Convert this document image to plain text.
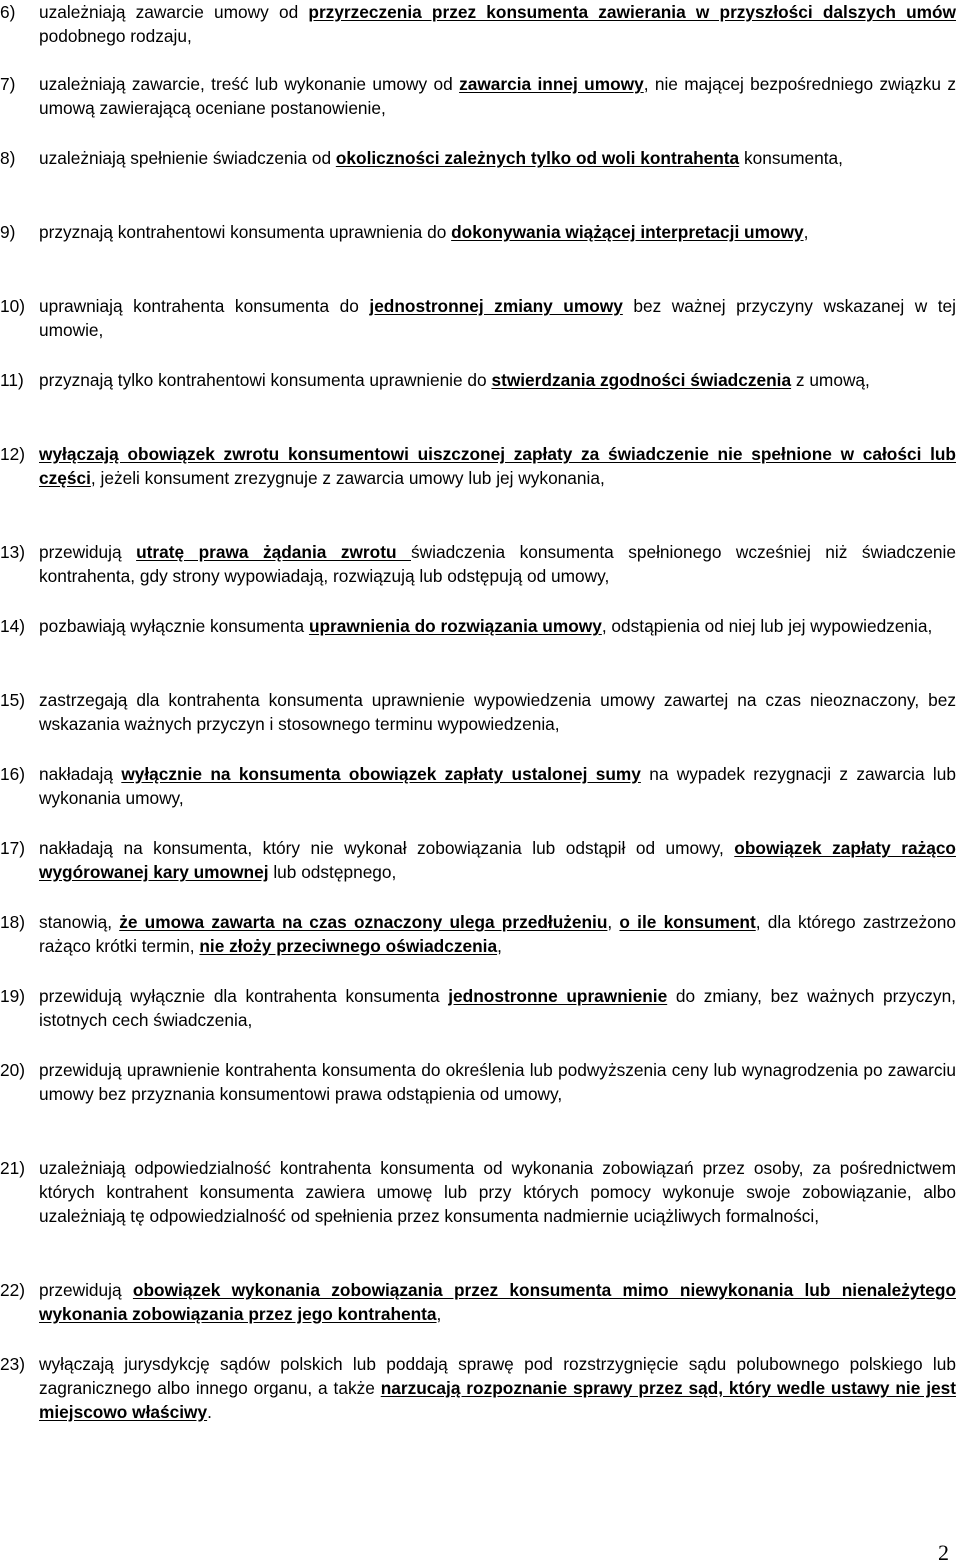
6) uzależniają zawarcie umowy od przyrzeczenia przez konsumenta zawierania w przyszłości dalszych umów podobnego rodzaju,
7) uzależniają zawarcie, treść lub wykonanie umowy od zawarcia innej umowy, nie mającej bezpośredniego związku z umową zawierającą oceniane postanowienie,
8) uzależniają spełnienie świadczenia od okoliczności zależnych tylko od woli kontrahenta konsumenta,
9) przyznają kontrahentowi konsumenta uprawnienia do dokonywania wiążącej interpretacji umowy,
10) uprawniają kontrahenta konsumenta do jednostronnej zmiany umowy bez ważnej przyczyny wskazanej w tej umowie,
11) przyznają tylko kontrahentowi konsumenta uprawnienie do stwierdzania zgodności świadczenia z umową,
12) wyłączają obowiązek zwrotu konsumentowi uiszczonej zapłaty za świadczenie nie spełnione w całości lub części, jeżeli konsument zrezygnuje z zawarcia umowy lub jej wykonania,
13) przewidują utratę prawa żądania zwrotu świadczenia konsumenta spełnionego wcześniej niż świadczenie kontrahenta, gdy strony wypowiadają, rozwiązują lub odstępują od umowy,
14) pozbawiają wyłącznie konsumenta uprawnienia do rozwiązania umowy, odstąpienia od niej lub jej wypowiedzenia,
15) zastrzegają dla kontrahenta konsumenta uprawnienie wypowiedzenia umowy zawartej na czas nieoznaczony, bez wskazania ważnych przyczyn i stosownego terminu wypowiedzenia,
16) nakładają wyłącznie na konsumenta obowiązek zapłaty ustalonej sumy na wypadek rezygnacji z zawarcia lub wykonania umowy,
17) nakładają na konsumenta, który nie wykonał zobowiązania lub odstąpił od umowy, obowiązek zapłaty rażąco wygórowanej kary umownej lub odstępnego,
18) stanowią, że umowa zawarta na czas oznaczony ulega przedłużeniu, o ile konsument, dla którego zastrzeżono rażąco krótki termin, nie złoży przeciwnego oświadczenia,
19) przewidują wyłącznie dla kontrahenta konsumenta jednostronne uprawnienie do zmiany, bez ważnych przyczyn, istotnych cech świadczenia,
20) przewidują uprawnienie kontrahenta konsumenta do określenia lub podwyższenia ceny lub wynagrodzenia po zawarciu umowy bez przyznania konsumentowi prawa odstąpienia od umowy,
21) uzależniają odpowiedzialność kontrahenta konsumenta od wykonania zobowiązań przez osoby, za pośrednictwem których kontrahent konsumenta zawiera umowę lub przy których pomocy wykonuje swoje zobowiązanie, albo uzależniają tę odpowiedzialność od spełnienia przez konsumenta nadmiernie uciążliwych formalności,
22) przewidują obowiązek wykonania zobowiązania przez konsumenta mimo niewykonania lub nienależytego wykonania zobowiązania przez jego kontrahenta,
23) wyłączają jurysdykcję sądów polskich lub poddają sprawę pod rozstrzygnięcie sądu polubownego polskiego lub zagranicznego albo innego organu, a także narzucają rozpoznanie sprawy przez sąd, który wedle ustawy nie jest miejscowo właściwy.
2
